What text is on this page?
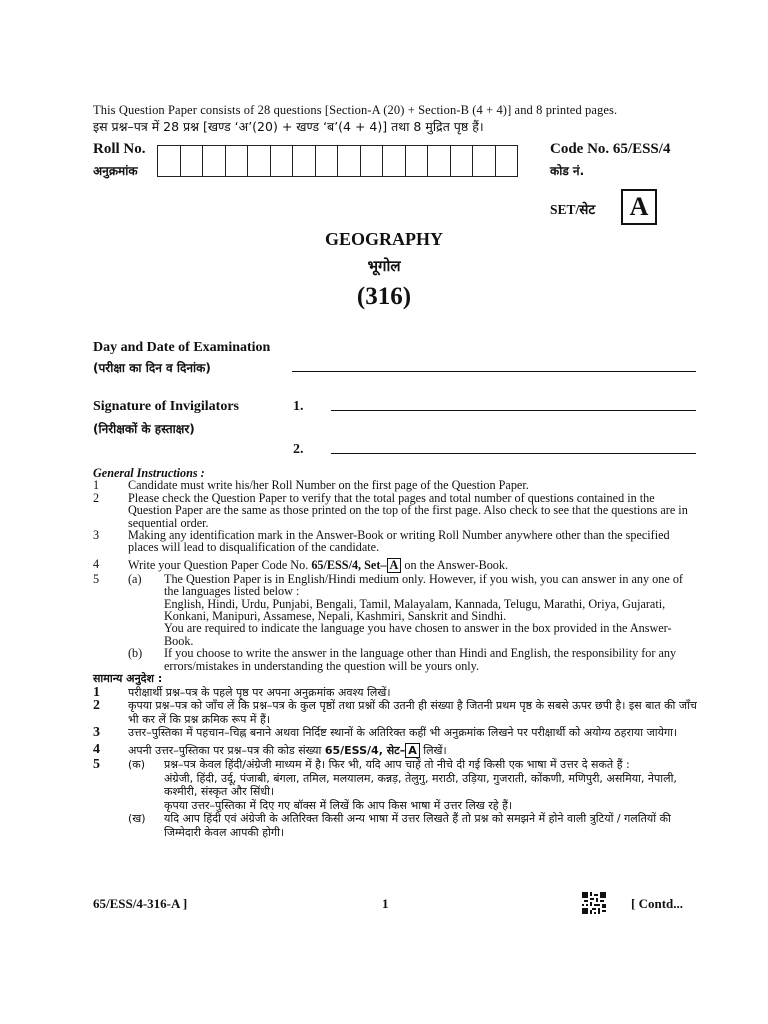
This Question Paper consists of 28 questions [Section-A (20) + Section-B (4 + 4)] and 8 printed pages.
इस प्रश्न–पत्र में 28 प्रश्न [खण्ड ‘अ’(20) + खण्ड ‘ब’(4 + 4)] तथा 8 मुद्रित पृष्ठ हैं।
Roll No.
अनुक्रमांक
Code No. 65/ESS/4
कोड नं.
SET/सेट	A
GEOGRAPHY
भूगोल
(316)
Day and Date of Examination
(परीक्षा का दिन व दिनांक)
Signature of Invigilators
(निरीक्षकों के हस्ताक्षर)
1.
2.
General Instructions :
1	Candidate must write his/her Roll Number on the first page of the Question Paper.
2	Please check the Question Paper to verify that the total pages and total number of questions contained in the Question Paper are the same as those printed on the top of the first page. Also check to see that the questions are in sequential order.
3	Making any identification mark in the Answer-Book or writing Roll Number anywhere other than the specified places will lead to disqualification of the candidate.
4	Write your Question Paper Code No. 65/ESS/4, Set– A on the Answer-Book.
5	(a)	The Question Paper is in English/Hindi medium only. However, if you wish, you can answer in any one of the languages listed below :
English, Hindi, Urdu, Punjabi, Bengali, Tamil, Malayalam, Kannada, Telugu, Marathi, Oriya, Gujarati, Konkani, Manipuri, Assamese, Nepali, Kashmiri, Sanskrit and Sindhi.
You are required to indicate the language you have chosen to answer in the box provided in the Answer-Book.
(b)	If you choose to write the answer in the language other than Hindi and English, the responsibility for any errors/mistakes in understanding the question will be yours only.
सामान्य अनुदेश :
1	परीक्षार्थी प्रश्न–पत्र के पहले पृष्ठ पर अपना अनुक्रमांक अवश्य लिखें।
2	कृपया प्रश्न–पत्र को जाँच लें कि प्रश्न–पत्र के कुल पृष्ठों तथा प्रश्नों की उतनी ही संख्या है जितनी प्रथम पृष्ठ के सबसे ऊपर छपी है। इस बात की जाँच भी कर लें कि प्रश्न क्रमिक रूप में हैं।
3	उत्तर–पुस्तिका में पहचान–चिह्न बनाने अथवा निर्दिष्ट स्थानों के अतिरिक्त कहीं भी अनुक्रमांक लिखने पर परीक्षार्थी को अयोग्य ठहराया जायेगा।
4	अपनी उत्तर–पुस्तिका पर प्रश्न–पत्र की कोड संख्या 65/ESS/4, सेट– A लिखें।
5	(क)	प्रश्न–पत्र केवल हिंदी/अंग्रेजी माध्यम में है। फिर भी, यदि आप चाहें तो नीचे दी गई किसी एक भाषा में उत्तर दे सकते हैं :
अंग्रेजी, हिंदी, उर्दू, पंजाबी, बंगला, तमिल, मलयालम, कन्नड़, तेलुगु, मराठी, उड़िया, गुजराती, कोंकणी, मणिपुरी, असमिया, नेपाली, कश्मीरी, संस्कृत और सिंधी।
कृपया उत्तर–पुस्तिका में दिए गए बॉक्स में लिखें कि आप किस भाषा में उत्तर लिख रहे हैं।
(ख)	यदि आप हिंदी एवं अंग्रेजी के अतिरिक्त किसी अन्य भाषा में उत्तर लिखते हैं तो प्रश्न को समझने में होने वाली त्रुटियों / गलतियों की जिम्मेदारी केवल आपकी होगी।
65/ESS/4-316-A ]	1	[ Contd...
